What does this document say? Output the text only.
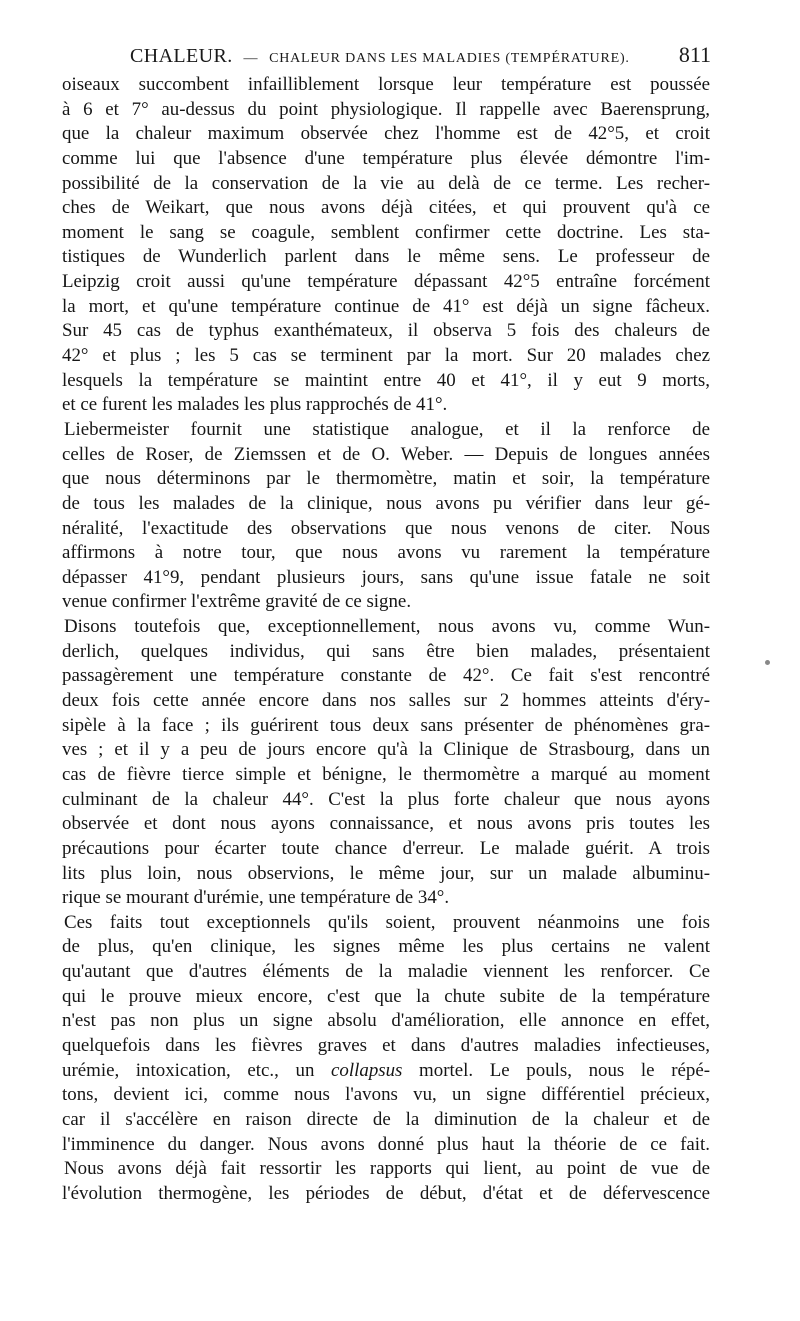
CHALEUR. — CHALEUR DANS LES MALADIES (TEMPÉRATURE). 811
oiseaux succombent infailliblement lorsque leur température est poussée
à 6 et 7° au-dessus du point physiologique. Il rappelle avec Baerensprung,
que la chaleur maximum observée chez l'homme est de 42°5, et croit
comme lui que l'absence d'une température plus élevée démontre l'im-
possibilité de la conservation de la vie au delà de ce terme. Les recher-
ches de Weikart, que nous avons déjà citées, et qui prouvent qu'à ce
moment le sang se coagule, semblent confirmer cette doctrine. Les sta-
tistiques de Wunderlich parlent dans le même sens. Le professeur de
Leipzig croit aussi qu'une température dépassant 42°5 entraîne forcément
la mort, et qu'une température continue de 41° est déjà un signe fâcheux.
Sur 45 cas de typhus exanthémateux, il observa 5 fois des chaleurs de
42° et plus ; les 5 cas se terminent par la mort. Sur 20 malades chez
lesquels la température se maintint entre 40 et 41°, il y eut 9 morts,
et ce furent les malades les plus rapprochés de 41°.
Liebermeister fournit une statistique analogue, et il la renforce de
celles de Roser, de Ziemssen et de O. Weber. — Depuis de longues années
que nous déterminons par le thermomètre, matin et soir, la température
de tous les malades de la clinique, nous avons pu vérifier dans leur gé-
néralité, l'exactitude des observations que nous venons de citer. Nous
affirmons à notre tour, que nous avons vu rarement la température
dépasser 41°9, pendant plusieurs jours, sans qu'une issue fatale ne soit
venue confirmer l'extrême gravité de ce signe.
Disons toutefois que, exceptionnellement, nous avons vu, comme Wun-
derlich, quelques individus, qui sans être bien malades, présentaient
passagèrement une température constante de 42°. Ce fait s'est rencontré
deux fois cette année encore dans nos salles sur 2 hommes atteints d'éry-
sipèle à la face ; ils guérirent tous deux sans présenter de phénomènes gra-
ves ; et il y a peu de jours encore qu'à la Clinique de Strasbourg, dans un
cas de fièvre tierce simple et bénigne, le thermomètre a marqué au moment
culminant de la chaleur 44°. C'est la plus forte chaleur que nous ayons
observée et dont nous ayons connaissance, et nous avons pris toutes les
précautions pour écarter toute chance d'erreur. Le malade guérit. A trois
lits plus loin, nous observions, le même jour, sur un malade albuminu-
rique se mourant d'urémie, une température de 34°.
Ces faits tout exceptionnels qu'ils soient, prouvent néanmoins une fois
de plus, qu'en clinique, les signes même les plus certains ne valent
qu'autant que d'autres éléments de la maladie viennent les renforcer. Ce
qui le prouve mieux encore, c'est que la chute subite de la température
n'est pas non plus un signe absolu d'amélioration, elle annonce en effet,
quelquefois dans les fièvres graves et dans d'autres maladies infectieuses,
urémie, intoxication, etc., un collapsus mortel. Le pouls, nous le répé-
tons, devient ici, comme nous l'avons vu, un signe différentiel précieux,
car il s'accélère en raison directe de la diminution de la chaleur et de
l'imminence du danger. Nous avons donné plus haut la théorie de ce fait.
Nous avons déjà fait ressortir les rapports qui lient, au point de vue de
l'évolution thermogène, les périodes de début, d'état et de défervescence
